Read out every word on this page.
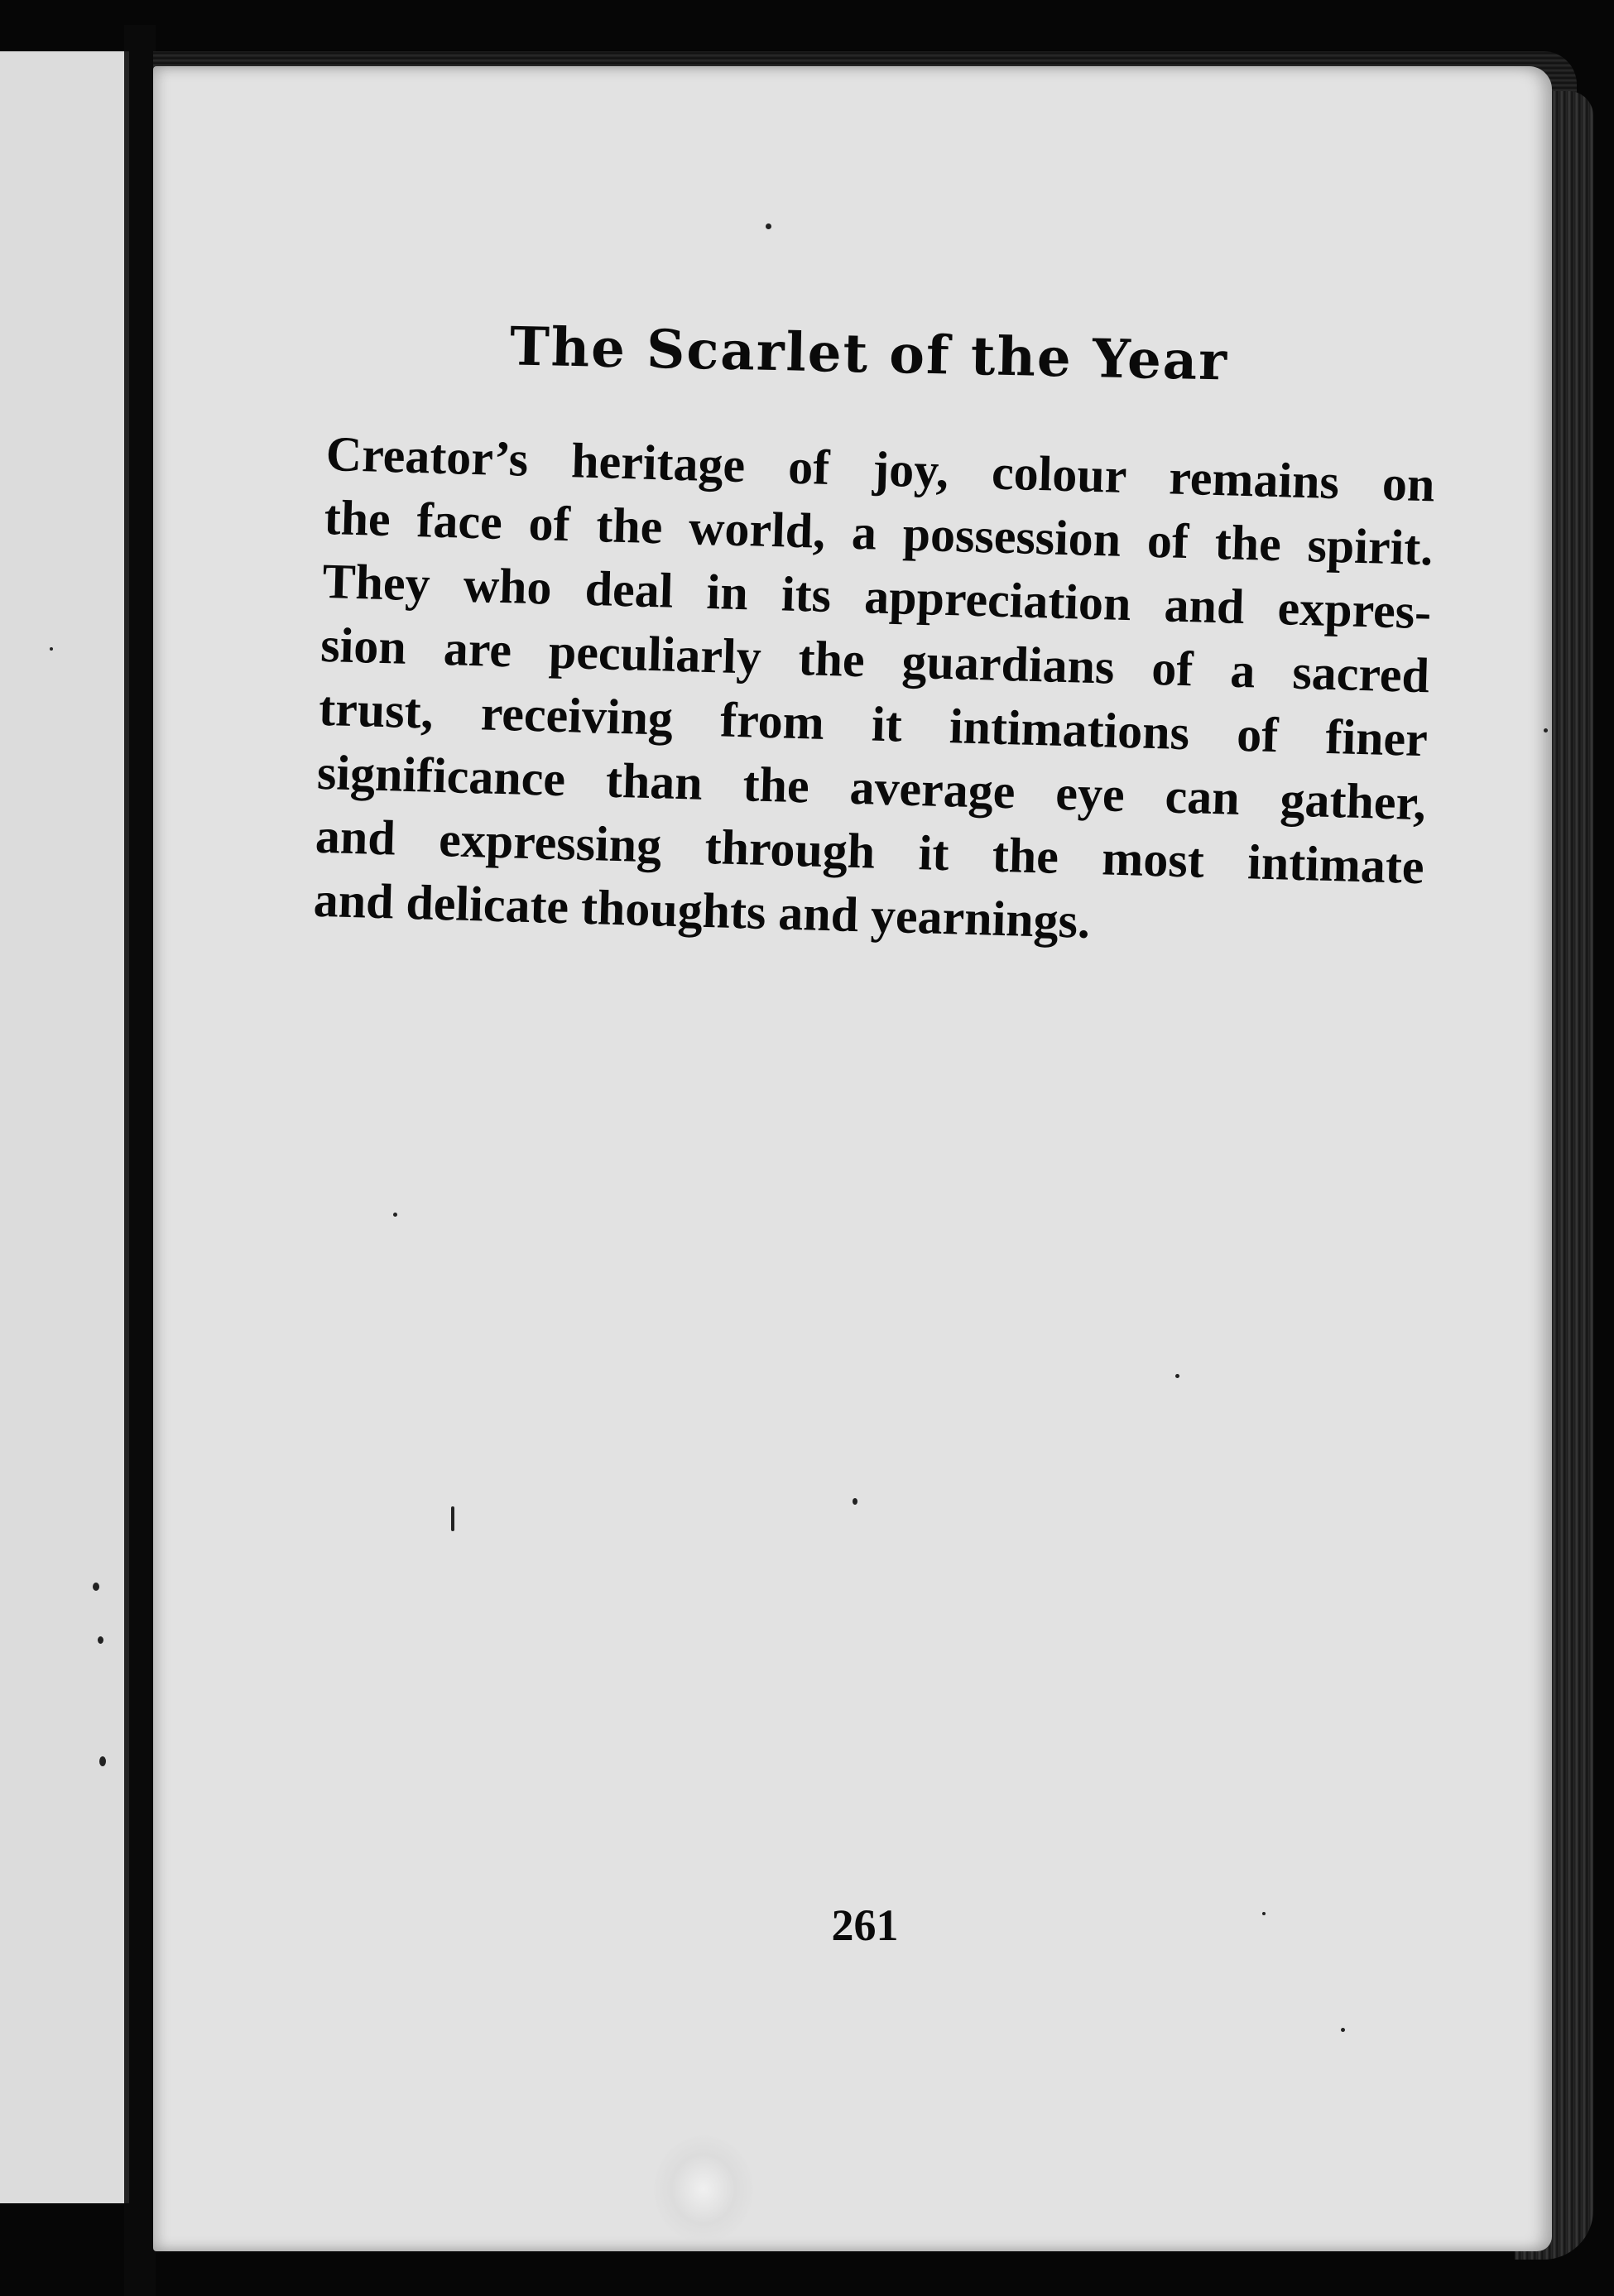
The Scarlet of the Year
Creator’s heritage of joy, colour remains on
the face of the world, a possession of the spirit.
They who deal in its appreciation and expres-
sion are peculiarly the guardians of a sacred
trust, receiving from it intimations of finer
significance than the average eye can gather,
and expressing through it the most intimate
and delicate thoughts and yearnings.
261
